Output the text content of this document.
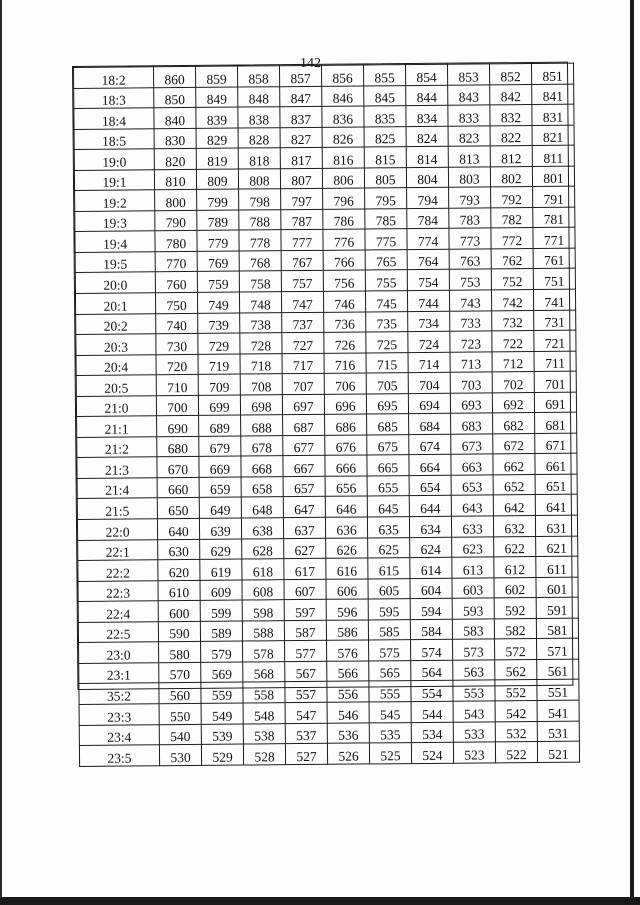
142
18:2	860	859	858	857	856	855	854	853	852	851
18:3	850	849	848	847	846	845	844	843	842	841
18:4	840	839	838	837	836	835	834	833	832	831
18:5	830	829	828	827	826	825	824	823	822	821
19:0	820	819	818	817	816	815	814	813	812	811
19:1	810	809	808	807	806	805	804	803	802	801
19:2	800	799	798	797	796	795	794	793	792	791
19:3	790	789	788	787	786	785	784	783	782	781
19:4	780	779	778	777	776	775	774	773	772	771
19:5	770	769	768	767	766	765	764	763	762	761
20:0	760	759	758	757	756	755	754	753	752	751
20:1	750	749	748	747	746	745	744	743	742	741
20:2	740	739	738	737	736	735	734	733	732	731
20:3	730	729	728	727	726	725	724	723	722	721
20:4	720	719	718	717	716	715	714	713	712	711
20:5	710	709	708	707	706	705	704	703	702	701
21:0	700	699	698	697	696	695	694	693	692	691
21:1	690	689	688	687	686	685	684	683	682	681
21:2	680	679	678	677	676	675	674	673	672	671
21:3	670	669	668	667	666	665	664	663	662	661
21:4	660	659	658	657	656	655	654	653	652	651
21:5	650	649	648	647	646	645	644	643	642	641
22:0	640	639	638	637	636	635	634	633	632	631
22:1	630	629	628	627	626	625	624	623	622	621
22:2	620	619	618	617	616	615	614	613	612	611
22:3	610	609	608	607	606	605	604	603	602	601
22:4	600	599	598	597	596	595	594	593	592	591
22:5	590	589	588	587	586	585	584	583	582	581
23:0	580	579	578	577	576	575	574	573	572	571
23:1	570	569	568	567	566	565	564	563	562	561
35:2	560	559	558	557	556	555	554	553	552	551
23:3	550	549	548	547	546	545	544	543	542	541
23:4	540	539	538	537	536	535	534	533	532	531
23:5	530	529	528	527	526	525	524	523	522	521
